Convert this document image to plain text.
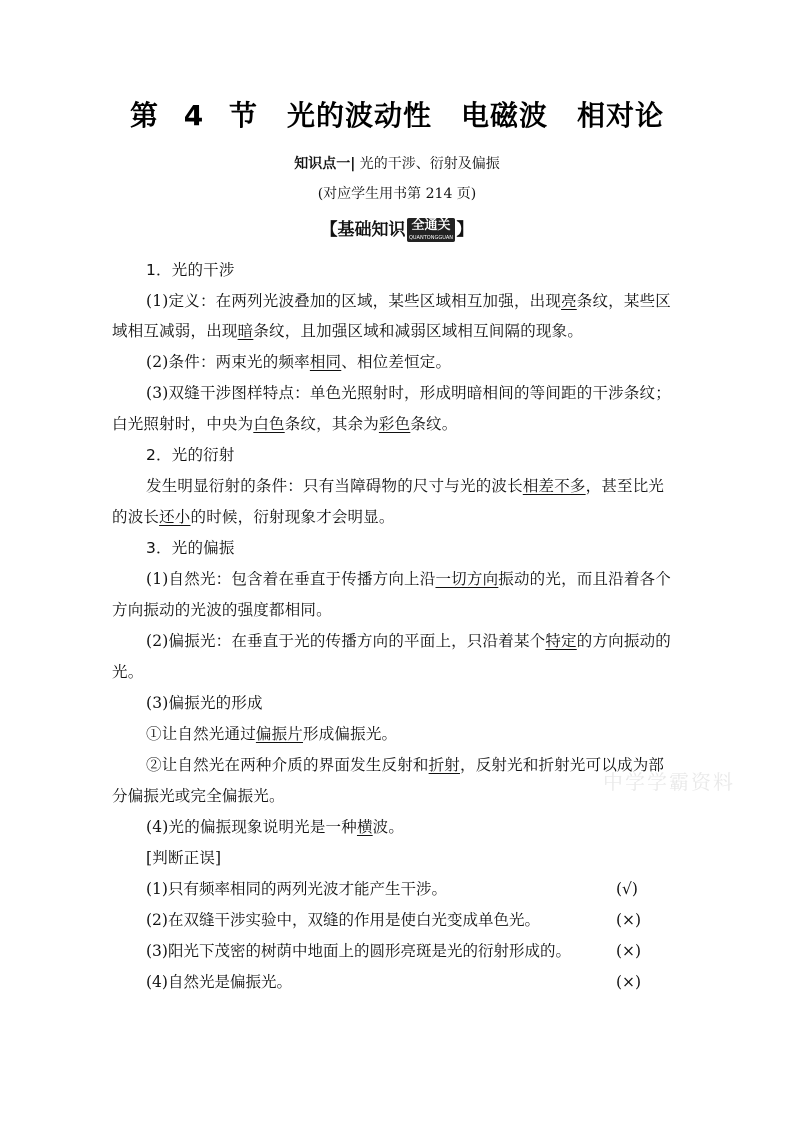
第 4 节　光的波动性　电磁波　相对论
知识点一| 光的干涉、衍射及偏振
(对应学生用书第 214 页)
【基础知识 全通关
QUANTONGGUAN 】
1．光的干涉
(1)定义：在两列光波叠加的区域，某些区域相互加强，出现亮条纹，某些区
域相互减弱，出现暗条纹，且加强区域和减弱区域相互间隔的现象。
(2)条件：两束光的频率相同、相位差恒定。
(3)双缝干涉图样特点：单色光照射时，形成明暗相间的等间距的干涉条纹；
白光照射时，中央为白色条纹，其余为彩色条纹。
2．光的衍射
发生明显衍射的条件：只有当障碍物的尺寸与光的波长相差不多，甚至比光
的波长还小的时候，衍射现象才会明显。
3．光的偏振
(1)自然光：包含着在垂直于传播方向上沿一切方向振动的光，而且沿着各个
方向振动的光波的强度都相同。
(2)偏振光：在垂直于光的传播方向的平面上，只沿着某个特定的方向振动的
光。
(3)偏振光的形成
①让自然光通过偏振片形成偏振光。
②让自然光在两种介质的界面发生反射和折射，反射光和折射光可以成为部
分偏振光或完全偏振光。
(4)光的偏振现象说明光是一种横波。
[判断正误]
(1)只有频率相同的两列光波才能产生干涉。	(√)
(2)在双缝干涉实验中，双缝的作用是使白光变成单色光。	(×)
(3)阳光下茂密的树荫中地面上的圆形亮斑是光的衍射形成的。	(×)
(4)自然光是偏振光。	(×)
中学学霸资料
